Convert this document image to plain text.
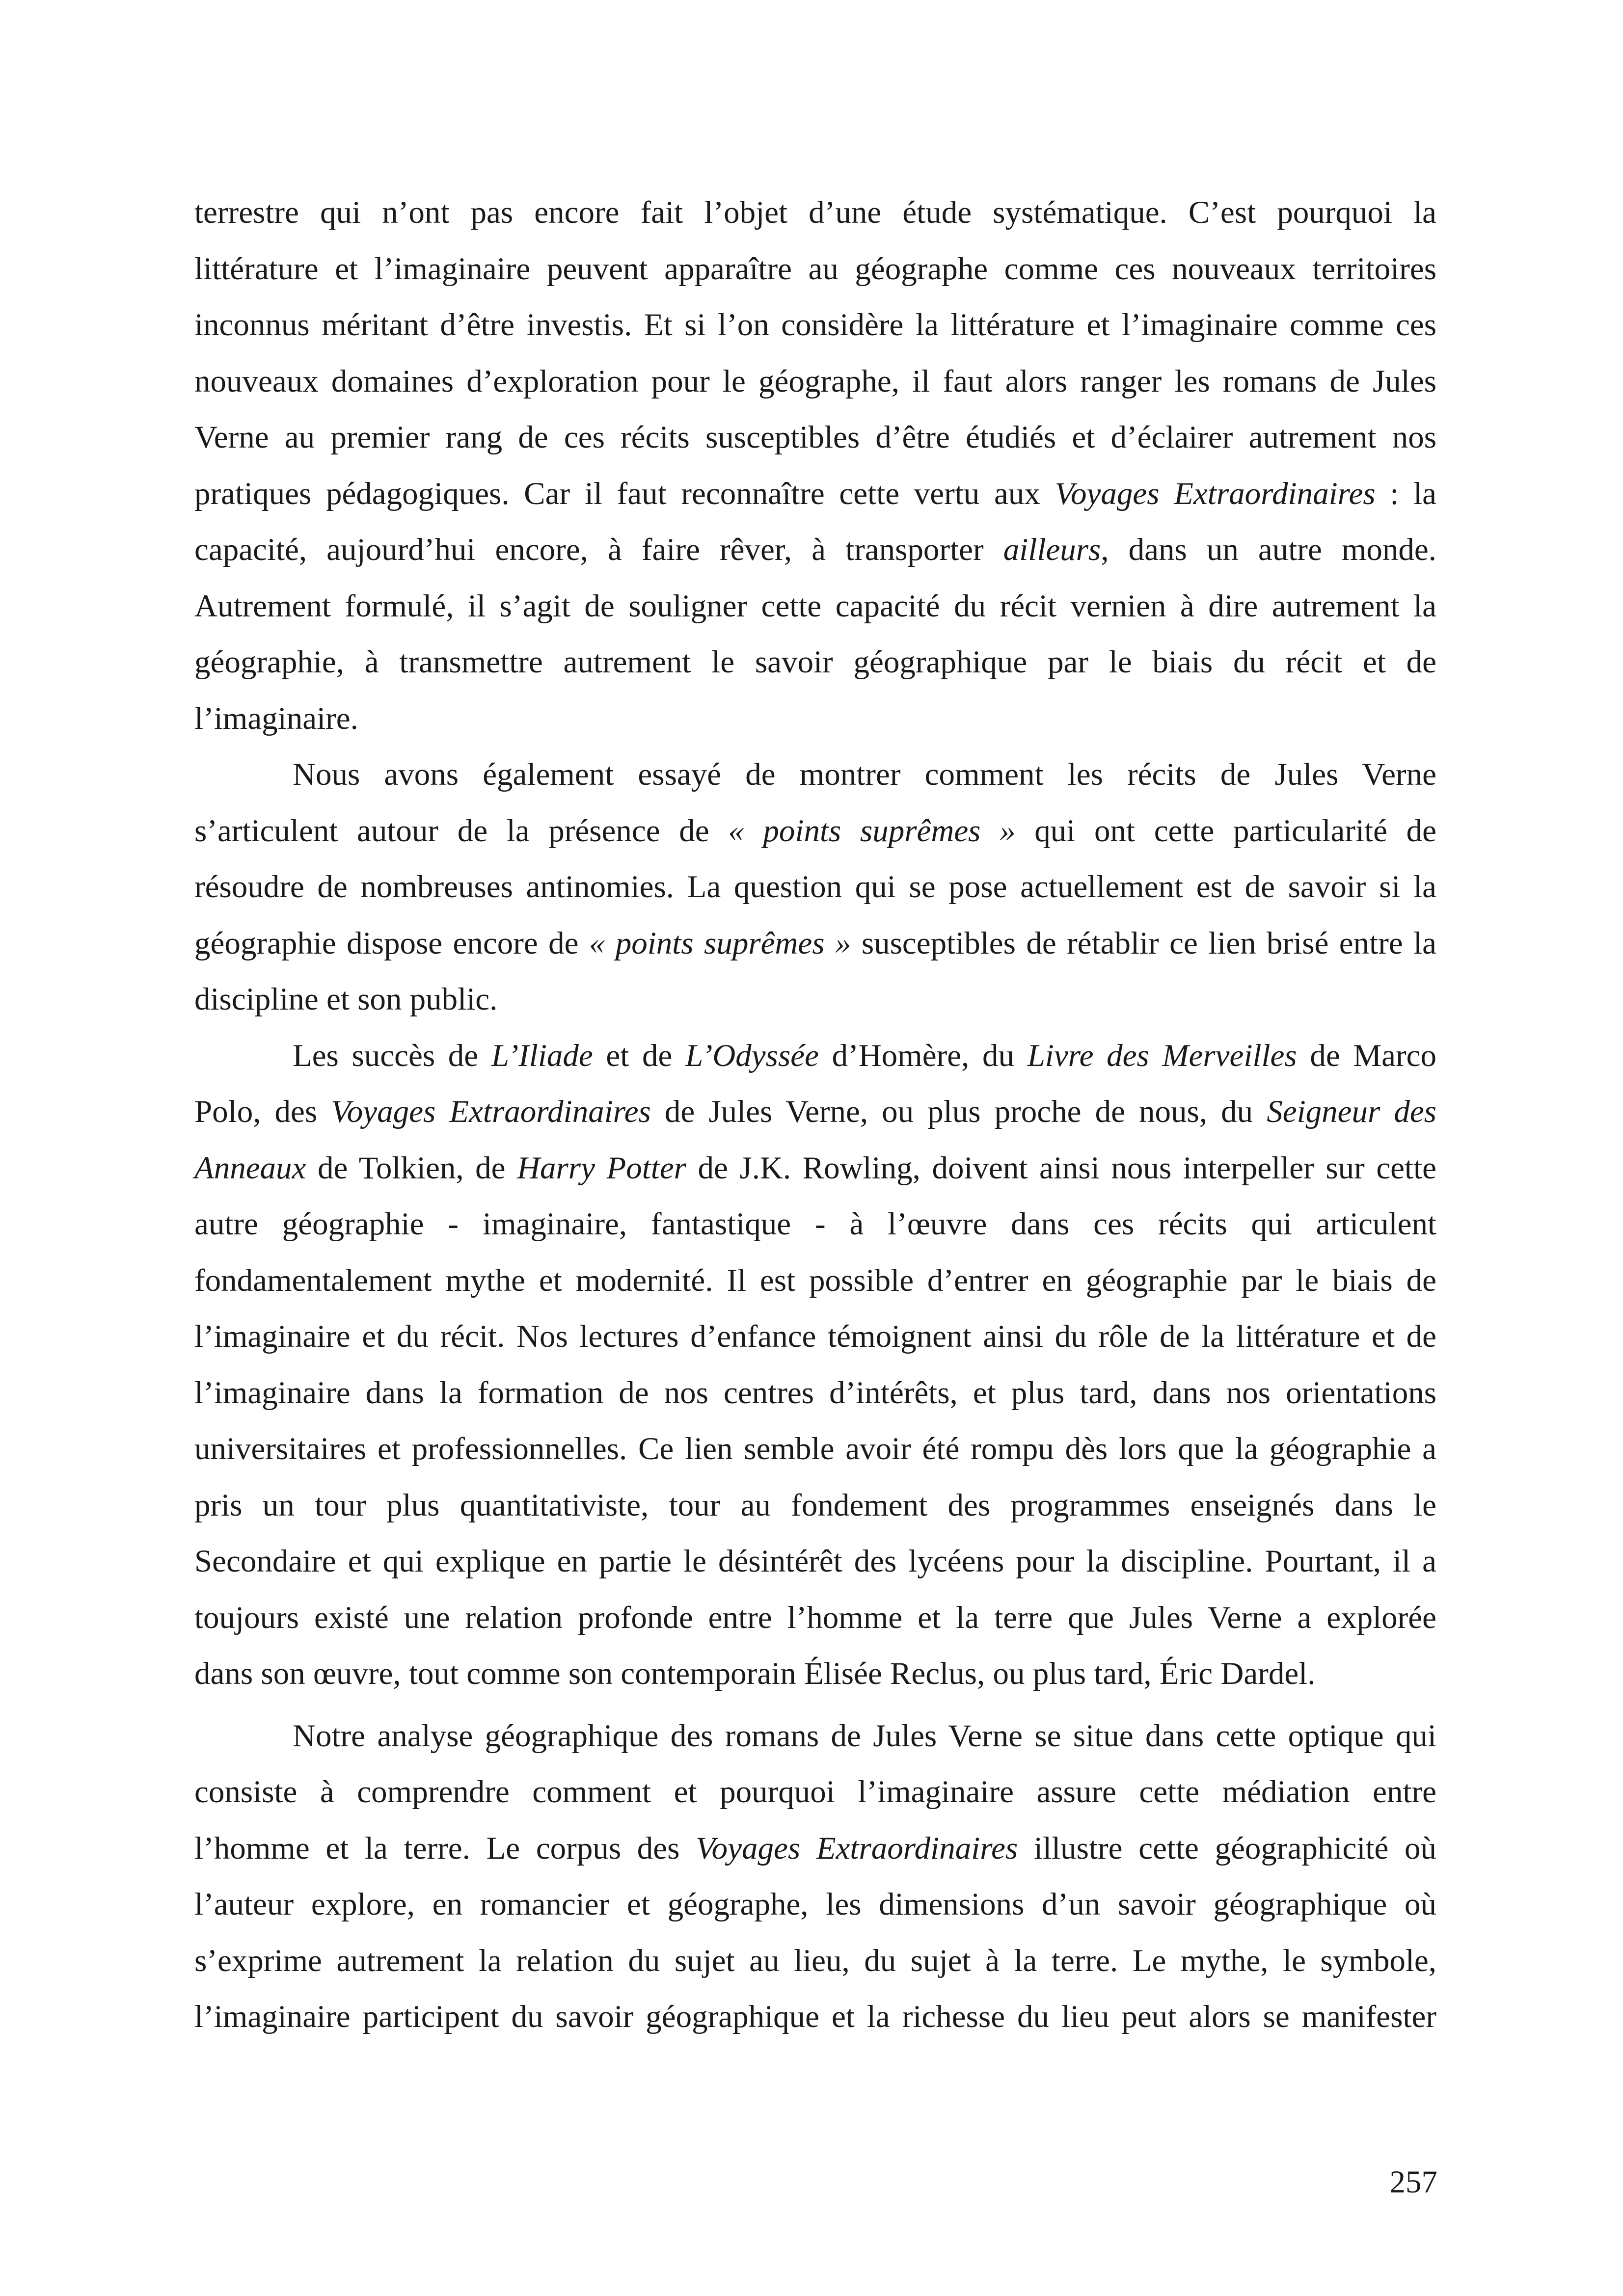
terrestre qui n’ont pas encore fait l’objet d’une étude systématique. C’est pourquoi la
littérature et l’imaginaire peuvent apparaître au géographe comme ces nouveaux territoires
inconnus méritant d’être investis. Et si l’on considère la littérature et l’imaginaire comme ces
nouveaux domaines d’exploration pour le géographe, il faut alors ranger les romans de Jules
Verne au premier rang de ces récits susceptibles d’être étudiés et d’éclairer autrement nos
pratiques pédagogiques. Car il faut reconnaître cette vertu aux Voyages Extraordinaires : la
capacité, aujourd’hui encore, à faire rêver, à transporter ailleurs, dans un autre monde.
Autrement formulé, il s’agit de souligner cette capacité du récit vernien à dire autrement la
géographie, à transmettre autrement le savoir géographique par le biais du récit et de
l’imaginaire.
Nous avons également essayé de montrer comment les récits de Jules Verne
s’articulent autour de la présence de « points suprêmes » qui ont cette particularité de
résoudre de nombreuses antinomies. La question qui se pose actuellement est de savoir si la
géographie dispose encore de « points suprêmes » susceptibles de rétablir ce lien brisé entre la
discipline et son public.
Les succès de L’Iliade et de L’Odyssée d’Homère, du Livre des Merveilles de Marco
Polo, des Voyages Extraordinaires de Jules Verne, ou plus proche de nous, du Seigneur des
Anneaux de Tolkien, de Harry Potter de J.K. Rowling, doivent ainsi nous interpeller sur cette
autre géographie - imaginaire, fantastique - à l’œuvre dans ces récits qui articulent
fondamentalement mythe et modernité. Il est possible d’entrer en géographie par le biais de
l’imaginaire et du récit. Nos lectures d’enfance témoignent ainsi du rôle de la littérature et de
l’imaginaire dans la formation de nos centres d’intérêts, et plus tard, dans nos orientations
universitaires et professionnelles. Ce lien semble avoir été rompu dès lors que la géographie a
pris un tour plus quantitativiste, tour au fondement des programmes enseignés dans le
Secondaire et qui explique en partie le désintérêt des lycéens pour la discipline. Pourtant, il a
toujours existé une relation profonde entre l’homme et la terre que Jules Verne a explorée
dans son œuvre, tout comme son contemporain Élisée Reclus, ou plus tard, Éric Dardel.
Notre analyse géographique des romans de Jules Verne se situe dans cette optique qui
consiste à comprendre comment et pourquoi l’imaginaire assure cette médiation entre
l’homme et la terre. Le corpus des Voyages Extraordinaires illustre cette géographicité où
l’auteur explore, en romancier et géographe, les dimensions d’un savoir géographique où
s’exprime autrement la relation du sujet au lieu, du sujet à la terre. Le mythe, le symbole,
l’imaginaire participent du savoir géographique et la richesse du lieu peut alors se manifester
257
